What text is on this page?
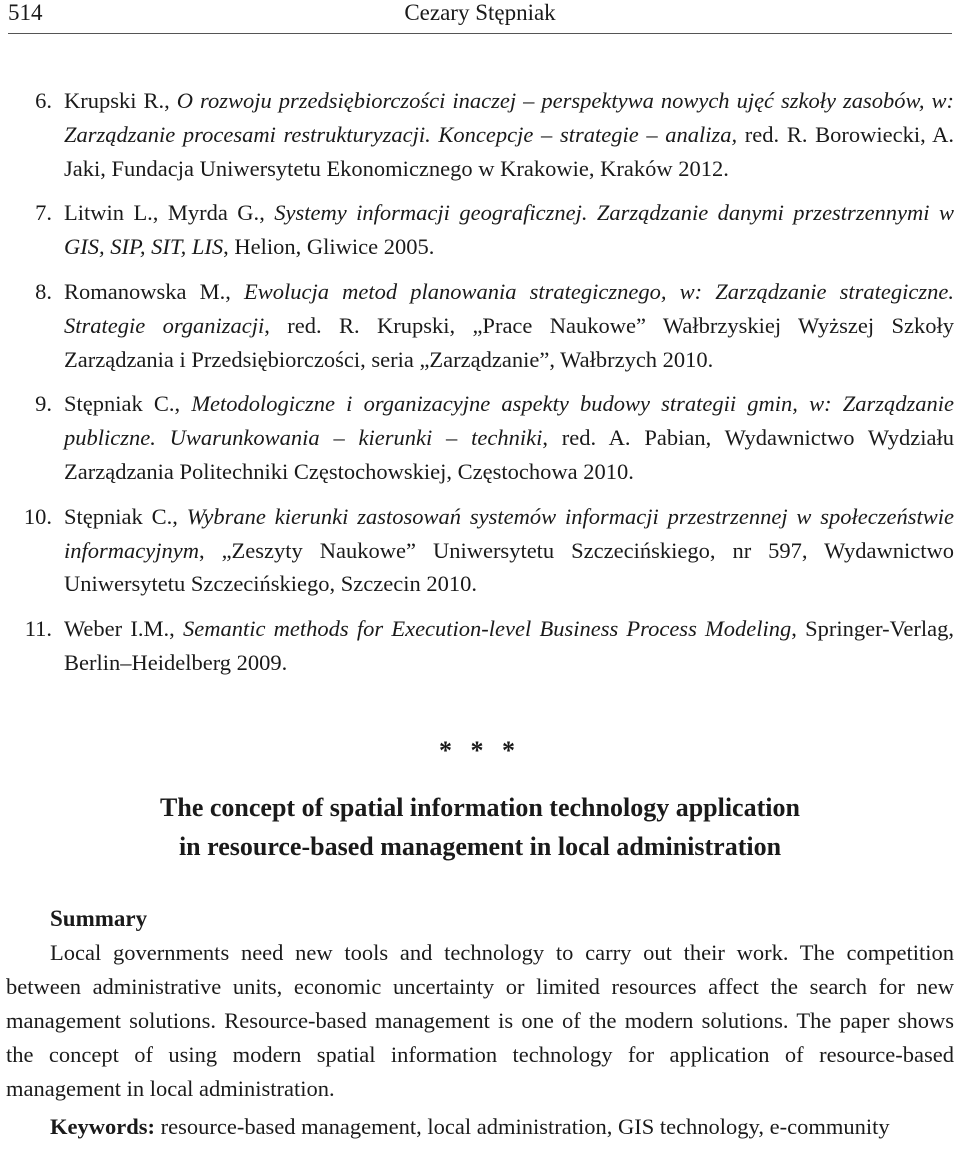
514	Cezary Stępniak
6. Krupski R., O rozwoju przedsiębiorczości inaczej – perspektywa nowych ujęć szkoły zasobów, w: Zarządzanie procesami restrukturyzacji. Koncepcje – strategie – analiza, red. R. Borowiecki, A. Jaki, Fundacja Uniwersytetu Ekonomicznego w Krakowie, Kraków 2012.
7. Litwin L., Myrda G., Systemy informacji geograficznej. Zarządzanie danymi przestrzennymi w GIS, SIP, SIT, LIS, Helion, Gliwice 2005.
8. Romanowska M., Ewolucja metod planowania strategicznego, w: Zarządzanie strategiczne. Strategie organizacji, red. R. Krupski, „Prace Naukowe” Wałbrzyskiej Wyższej Szkoły Zarządzania i Przedsiębiorczości, seria „Zarządzanie”, Wałbrzych 2010.
9. Stępniak C., Metodologiczne i organizacyjne aspekty budowy strategii gmin, w: Zarządzanie publiczne. Uwarunkowania – kierunki – techniki, red. A. Pabian, Wydawnictwo Wydziału Zarządzania Politechniki Częstochowskiej, Częstochowa 2010.
10. Stępniak C., Wybrane kierunki zastosowań systemów informacji przestrzennej w społeczeństwie informacyjnym, „Zeszyty Naukowe” Uniwersytetu Szczecińskiego, nr 597, Wydawnictwo Uniwersytetu Szczecińskiego, Szczecin 2010.
11. Weber I.M., Semantic methods for Execution-level Business Process Modeling, Springer-Verlag, Berlin–Heidelberg 2009.
* * *
The concept of spatial information technology application
in resource-based management in local administration
Summary
Local governments need new tools and technology to carry out their work. The competition between administrative units, economic uncertainty or limited resources affect the search for new management solutions. Resource-based management is one of the modern solutions. The paper shows the concept of using modern spatial information technology for application of resource-based management in local administration.
Keywords: resource-based management, local administration, GIS technology, e-community
